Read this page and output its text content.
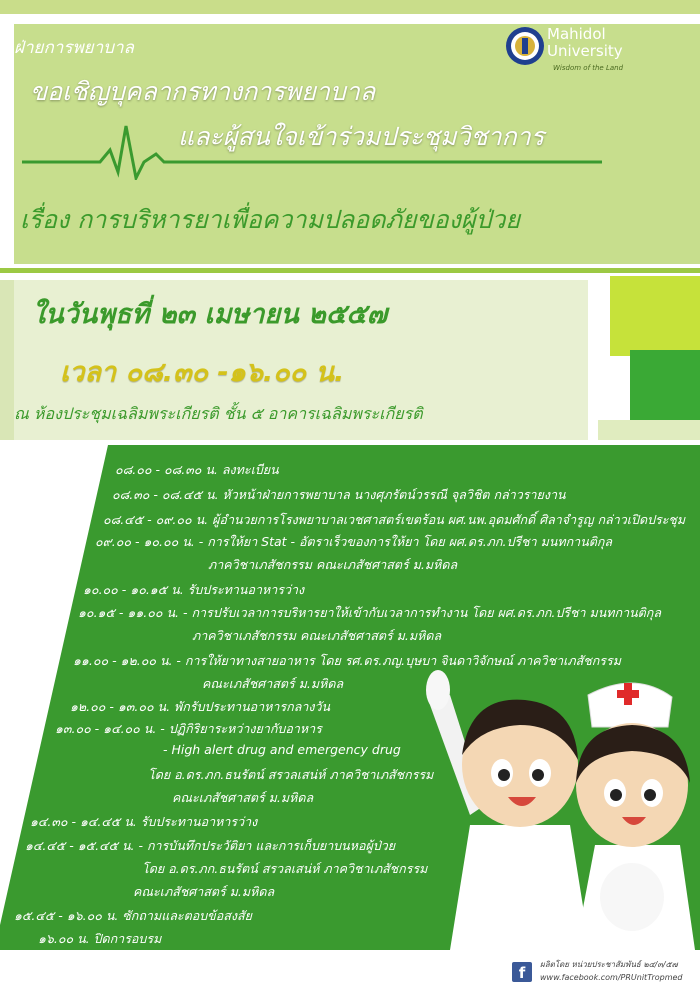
ฝ่ายการพยาบาล
ขอเชิญบุคลากรทางการพยาบาล
และผู้สนใจเข้าร่วมประชุมวิชาการ
เรื่อง การบริหารยาเพื่อความปลอดภัยของผู้ป่วย
Mahidol
University
Wisdom of the Land
ในวันพุธที่ ๒๓ เมษายน ๒๕๕๗
เวลา ๐๘.๓๐ -๑๖.๐๐ น.
ณ ห้องประชุมเฉลิมพระเกียรติ ชั้น ๕ อาคารเฉลิมพระเกียรติ
๐๘.๐๐ - ๐๘.๓๐ น. ลงทะเบียน
๐๘.๓๐ - ๐๘.๔๕ น. หัวหน้าฝ่ายการพยาบาล นางศุภรัตน์วรรณี จุลวิชิต กล่าวรายงาน
๐๘.๔๕ - ๐๙.๐๐ น. ผู้อำนวยการโรงพยาบาลเวชศาสตร์เขตร้อน ผศ.นพ.อุดมศักดิ์ ศิลาจำรูญ กล่าวเปิดประชุม
๐๙.๐๐ - ๑๐.๐๐ น. - การให้ยา Stat - อัตราเร็วของการให้ยา โดย ผศ.ดร.ภก.ปรีชา มนทกานติกุล
ภาควิชาเภสัชกรรม คณะเภสัชศาสตร์ ม.มหิดล
๑๐.๐๐ - ๑๐.๑๕ น. รับประทานอาหารว่าง
๑๐.๑๕ - ๑๑.๐๐ น. - การปรับเวลาการบริหารยาให้เข้ากับเวลาการทำงาน โดย ผศ.ดร.ภก.ปรีชา มนทกานติกุล
ภาควิชาเภสัชกรรม คณะเภสัชศาสตร์ ม.มหิดล
๑๑.๐๐ - ๑๒.๐๐ น. - การให้ยาทางสายอาหาร โดย รศ.ดร.ภญ.บุษบา จินดาวิจักษณ์ ภาควิชาเภสัชกรรม
คณะเภสัชศาสตร์ ม.มหิดล
๑๒.๐๐ - ๑๓.๐๐ น. พักรับประทานอาหารกลางวัน
๑๓.๐๐ - ๑๔.๐๐ น. - ปฏิกิริยาระหว่างยากับอาหาร
- High alert drug and emergency drug
โดย อ.ดร.ภก.ธนรัตน์ สรวลเสน่ห์ ภาควิชาเภสัชกรรม
คณะเภสัชศาสตร์ ม.มหิดล
๑๔.๓๐ - ๑๔.๔๕ น. รับประทานอาหารว่าง
๑๔.๔๕ - ๑๕.๔๕ น. - การบันทึกประวัติยา และการเก็บยาบนหอผู้ป่วย
โดย อ.ดร.ภก.ธนรัตน์ สรวลเสน่ห์ ภาควิชาเภสัชกรรม
คณะเภสัชศาสตร์ ม.มหิดล
๑๕.๔๕ - ๑๖.๐๐ น. ซักถามและตอบข้อสงสัย
๑๖.๐๐ น. ปิดการอบรม
f	ผลิตโดย หน่วยประชาสัมพันธ์ ๒๔/๓/๕๗
www.facebook.com/PRUnitTropmed
